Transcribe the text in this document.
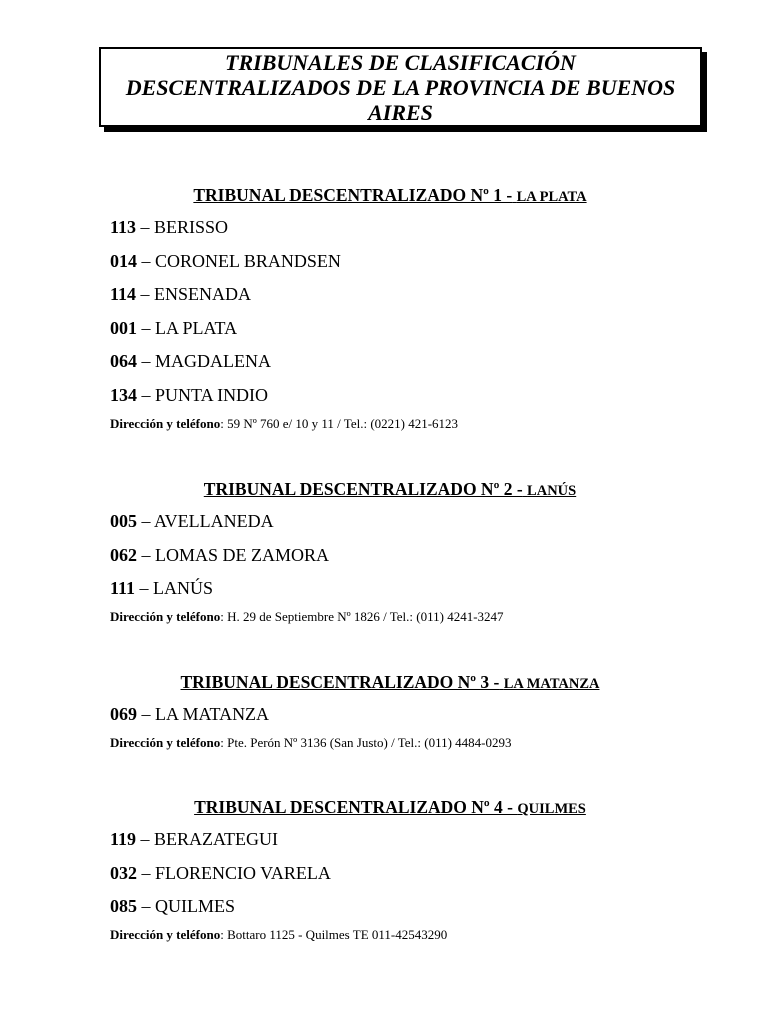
TRIBUNALES DE CLASIFICACIÓN
DESCENTRALIZADOS DE LA PROVINCIA DE BUENOS
AIRES
TRIBUNAL DESCENTRALIZADO Nº 1 - LA PLATA
113 – BERISSO
014 – CORONEL BRANDSEN
114 – ENSENADA
001 – LA PLATA
064 – MAGDALENA
134 – PUNTA INDIO
Dirección y teléfono: 59 Nº 760 e/ 10 y 11 / Tel.: (0221) 421-6123
TRIBUNAL DESCENTRALIZADO Nº 2 - LANÚS
005 – AVELLANEDA
062 – LOMAS DE ZAMORA
111 – LANÚS
Dirección y teléfono: H. 29 de Septiembre Nº 1826 / Tel.: (011) 4241-3247
TRIBUNAL DESCENTRALIZADO Nº 3 - LA MATANZA
069 – LA MATANZA
Dirección y teléfono: Pte. Perón Nº 3136 (San Justo) / Tel.: (011) 4484-0293
TRIBUNAL DESCENTRALIZADO Nº 4 - QUILMES
119 – BERAZATEGUI
032 – FLORENCIO VARELA
085 – QUILMES
Dirección y teléfono: Bottaro 1125 - Quilmes TE 011-42543290
